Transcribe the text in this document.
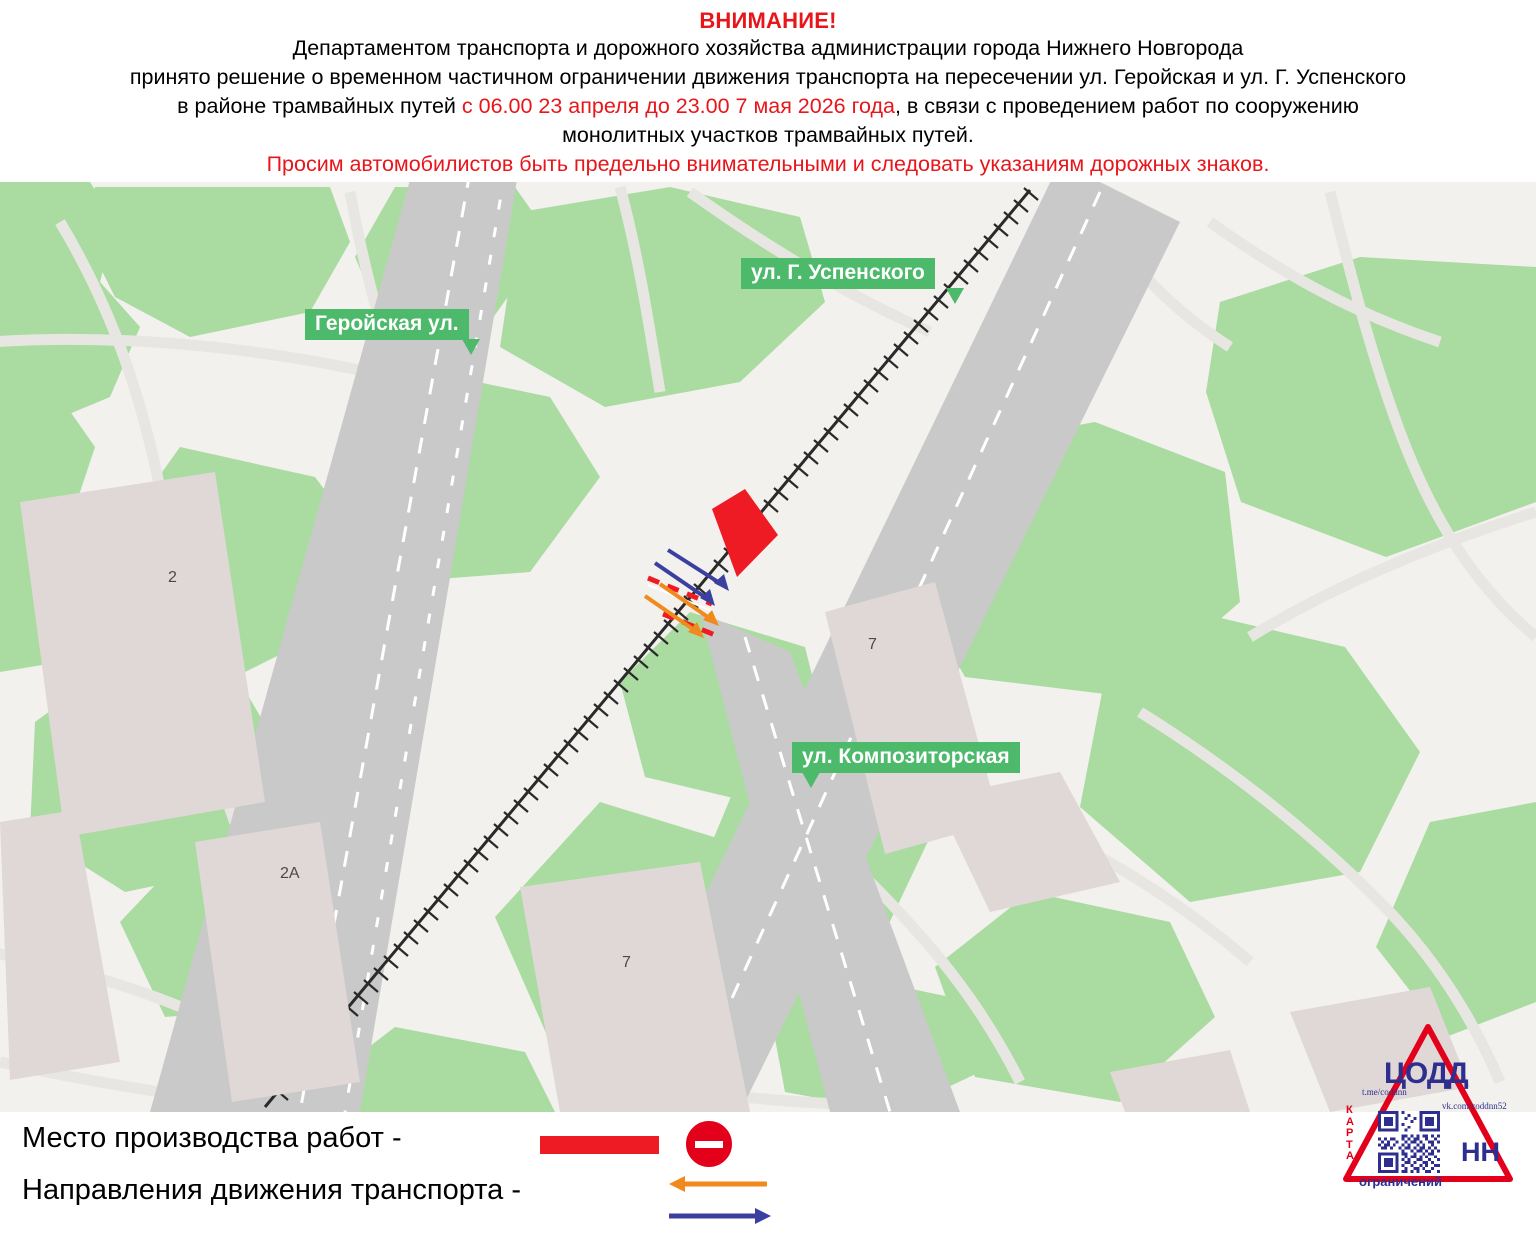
ВНИМАНИЕ!
Департаментом транспорта и дорожного хозяйства администрации города Нижнего Новгорода
принято решение о временном частичном ограничении движения транспорта на пересечении ул. Геройская и ул. Г. Успенского
в районе трамвайных путей с 06.00 23 апреля до 23.00 7 мая 2026 года, в связи с проведением работ по сооружению
монолитных участков трамвайных путей.
Просим автомобилистов быть предельно внимательными и следовать указаниям дорожных знаков.
2
2A
7
7
Геройская ул.
ул. Г. Успенского
ул. Композиторская
Место производства работ -
Направления движения транспорта -
ЦОДД
t.me/coddnn
vk.com/coddnn52
К
А
Р
Т
А
ограничений
НН
